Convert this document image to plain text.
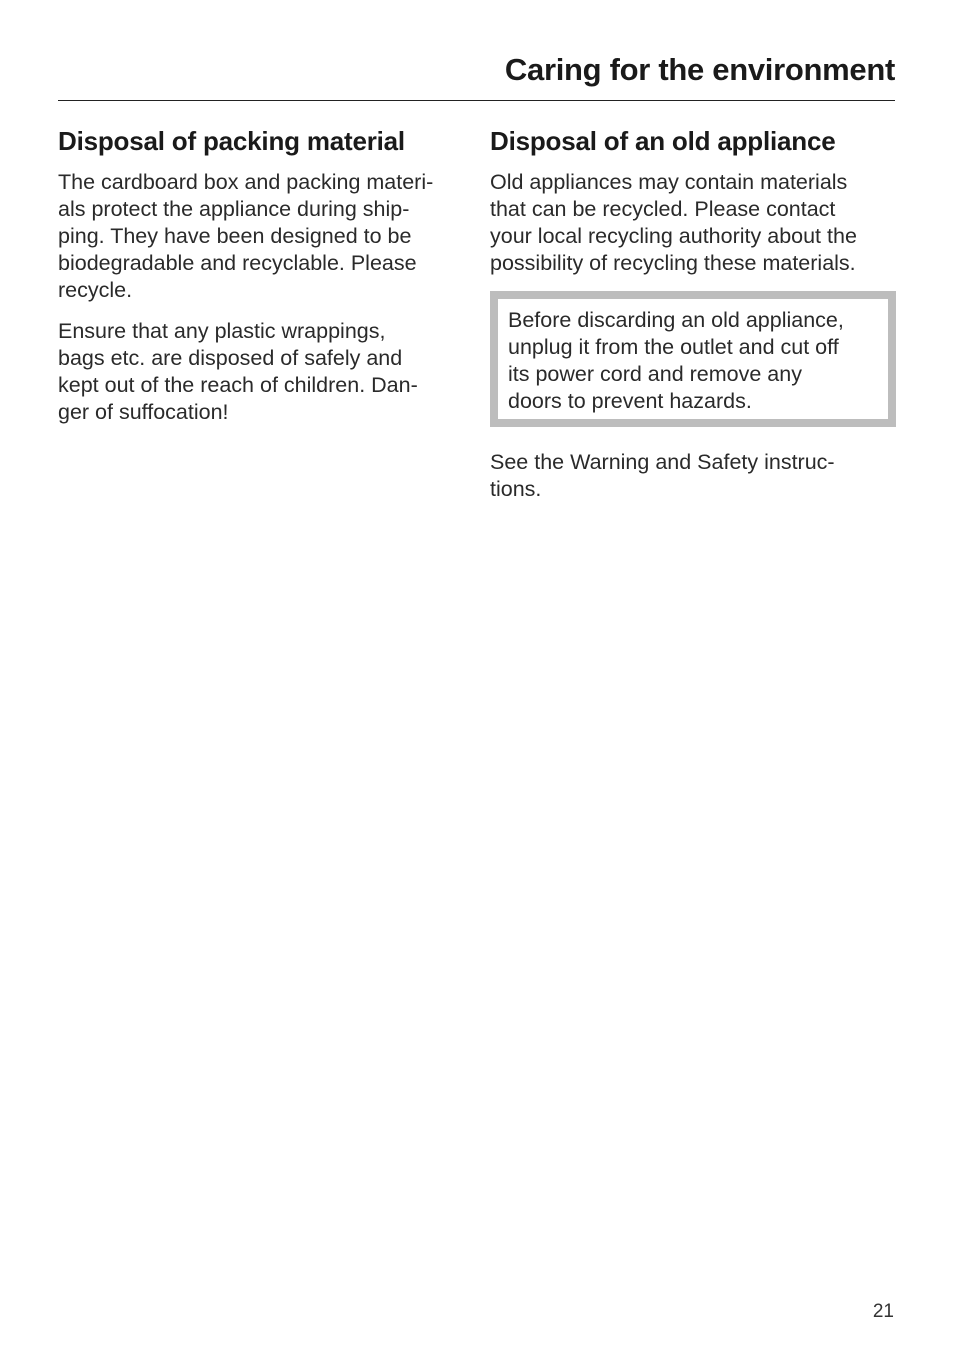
Caring for the environment
Disposal of packing material

The cardboard box and packing materi-
als protect the appliance during ship-
ping. They have been designed to be
biodegradable and recyclable. Please
recycle.

Ensure that any plastic wrappings,
bags etc. are disposed of safely and
kept out of the reach of children. Dan-
ger of suffocation!

Disposal of an old appliance

Old appliances may contain materials
that can be recycled. Please contact
your local recycling authority about the
possibility of recycling these materials.

Before discarding an old appliance,
unplug it from the outlet and cut off
its power cord and remove any
doors to prevent hazards.

See the Warning and Safety instruc-
tions.

21
